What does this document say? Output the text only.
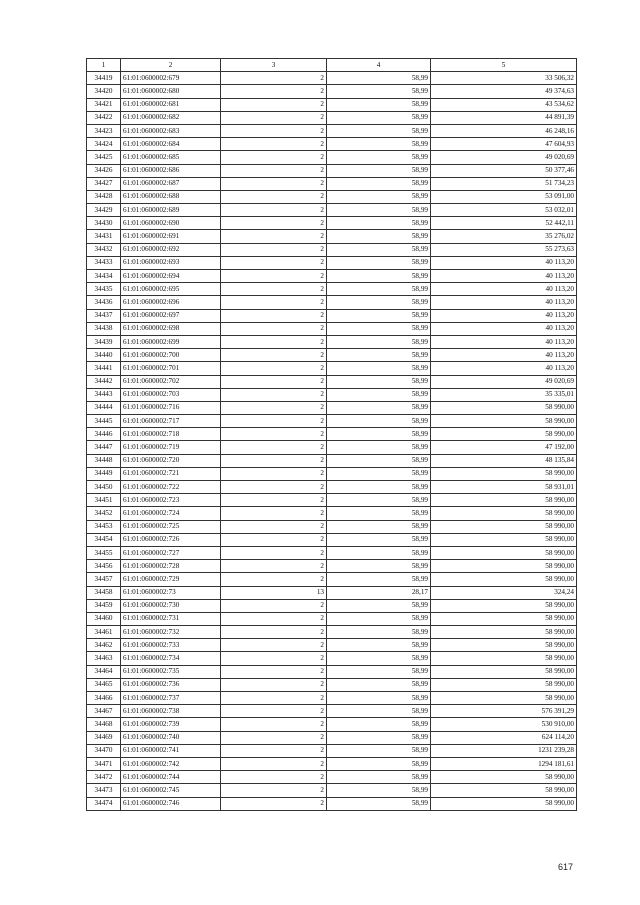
1	2	3	4	5
34419	61:01:0600002:679	2	58,99	33 506,32
34420	61:01:0600002:680	2	58,99	49 374,63
34421	61:01:0600002:681	2	58,99	43 534,62
34422	61:01:0600002:682	2	58,99	44 891,39
34423	61:01:0600002:683	2	58,99	46 248,16
34424	61:01:0600002:684	2	58,99	47 604,93
34425	61:01:0600002:685	2	58,99	49 020,69
34426	61:01:0600002:686	2	58,99	50 377,46
34427	61:01:0600002:687	2	58,99	51 734,23
34428	61:01:0600002:688	2	58,99	53 091,00
34429	61:01:0600002:689	2	58,99	53 032,01
34430	61:01:0600002:690	2	58,99	52 442,11
34431	61:01:0600002:691	2	58,99	35 276,02
34432	61:01:0600002:692	2	58,99	55 273,63
34433	61:01:0600002:693	2	58,99	40 113,20
34434	61:01:0600002:694	2	58,99	40 113,20
34435	61:01:0600002:695	2	58,99	40 113,20
34436	61:01:0600002:696	2	58,99	40 113,20
34437	61:01:0600002:697	2	58,99	40 113,20
34438	61:01:0600002:698	2	58,99	40 113,20
34439	61:01:0600002:699	2	58,99	40 113,20
34440	61:01:0600002:700	2	58,99	40 113,20
34441	61:01:0600002:701	2	58,99	40 113,20
34442	61:01:0600002:702	2	58,99	49 020,69
34443	61:01:0600002:703	2	58,99	35 335,01
34444	61:01:0600002:716	2	58,99	58 990,00
34445	61:01:0600002:717	2	58,99	58 990,00
34446	61:01:0600002:718	2	58,99	58 990,00
34447	61:01:0600002:719	2	58,99	47 192,00
34448	61:01:0600002:720	2	58,99	48 135,84
34449	61:01:0600002:721	2	58,99	58 990,00
34450	61:01:0600002:722	2	58,99	58 931,01
34451	61:01:0600002:723	2	58,99	58 990,00
34452	61:01:0600002:724	2	58,99	58 990,00
34453	61:01:0600002:725	2	58,99	58 990,00
34454	61:01:0600002:726	2	58,99	58 990,00
34455	61:01:0600002:727	2	58,99	58 990,00
34456	61:01:0600002:728	2	58,99	58 990,00
34457	61:01:0600002:729	2	58,99	58 990,00
34458	61:01:0600002:73	13	28,17	324,24
34459	61:01:0600002:730	2	58,99	58 990,00
34460	61:01:0600002:731	2	58,99	58 990,00
34461	61:01:0600002:732	2	58,99	58 990,00
34462	61:01:0600002:733	2	58,99	58 990,00
34463	61:01:0600002:734	2	58,99	58 990,00
34464	61:01:0600002:735	2	58,99	58 990,00
34465	61:01:0600002:736	2	58,99	58 990,00
34466	61:01:0600002:737	2	58,99	58 990,00
34467	61:01:0600002:738	2	58,99	576 391,29
34468	61:01:0600002:739	2	58,99	530 910,00
34469	61:01:0600002:740	2	58,99	624 114,20
34470	61:01:0600002:741	2	58,99	1231 239,28
34471	61:01:0600002:742	2	58,99	1294 181,61
34472	61:01:0600002:744	2	58,99	58 990,00
34473	61:01:0600002:745	2	58,99	58 990,00
34474	61:01:0600002:746	2	58,99	58 990,00
617
